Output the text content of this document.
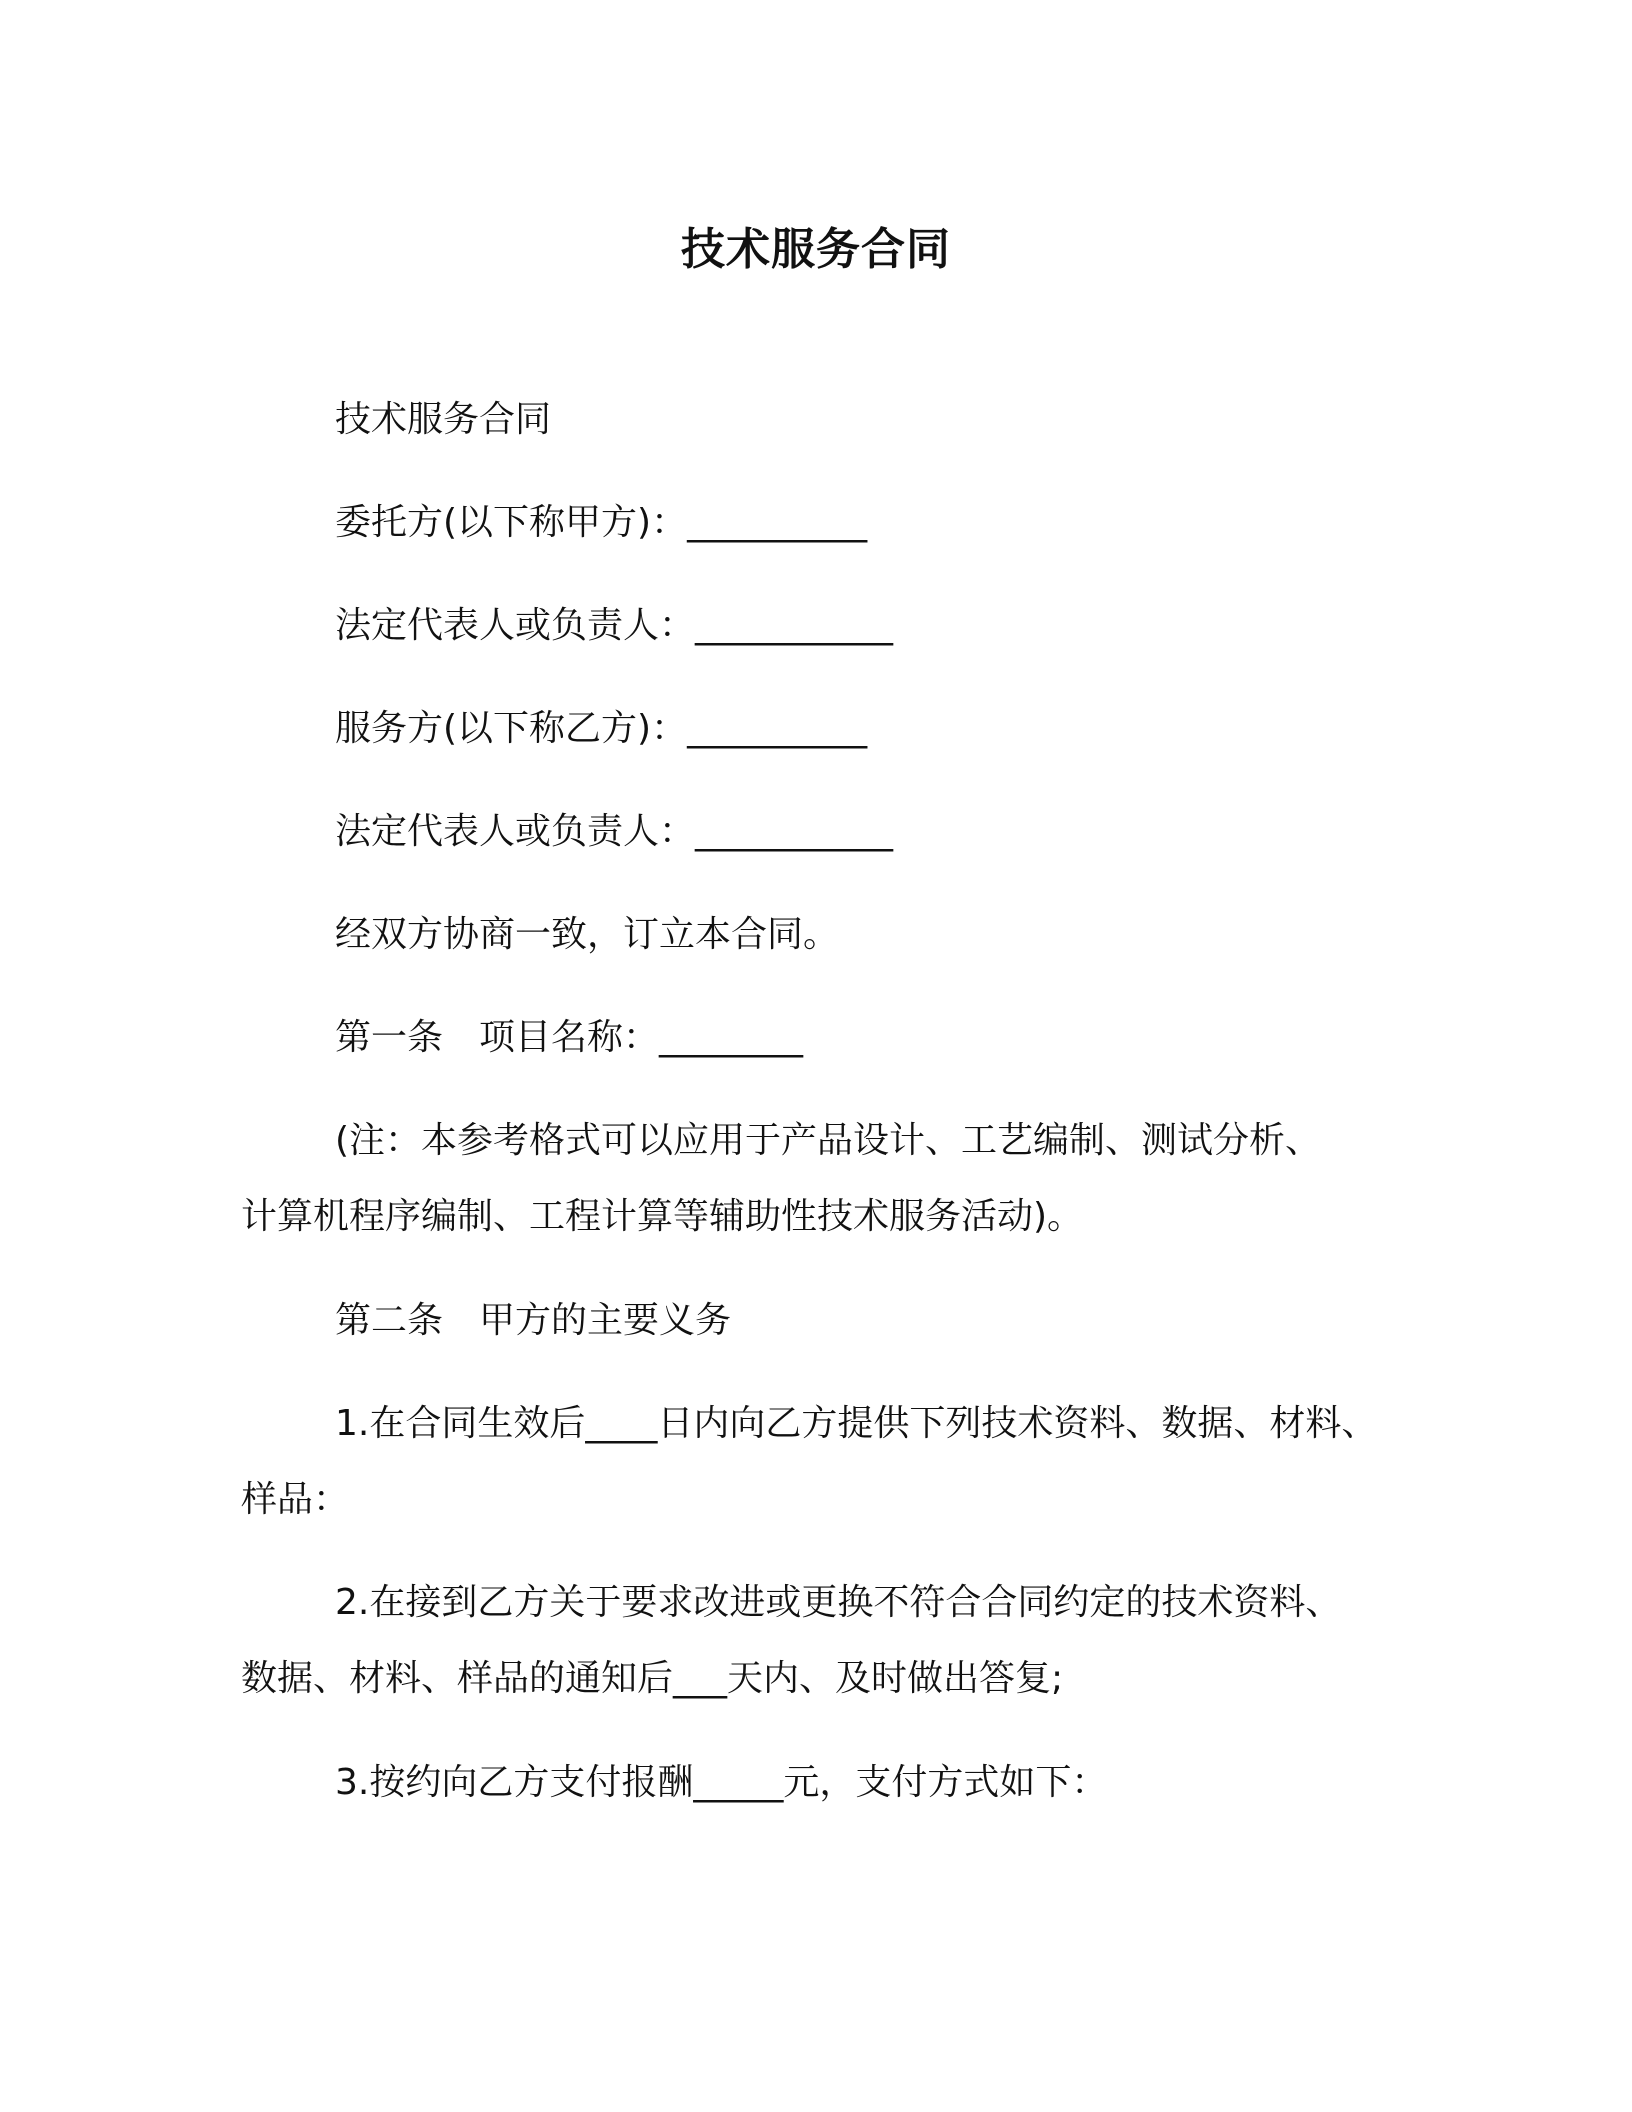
技术服务合同

技术服务合同

委托方(以下称甲方)：__________

法定代表人或负责人：___________

服务方(以下称乙方)：__________

法定代表人或负责人：___________

经双方协商一致，订立本合同。

第一条　项目名称：________

(注：本参考格式可以应用于产品设计、工艺编制、测试分析、
计算机程序编制、工程计算等辅助性技术服务活动)。

第二条　甲方的主要义务

1.在合同生效后____日内向乙方提供下列技术资料、数据、材料、
样品：

2.在接到乙方关于要求改进或更换不符合合同约定的技术资料、
数据、材料、样品的通知后___天内、及时做出答复;

3.按约向乙方支付报酬_____元，支付方式如下：
